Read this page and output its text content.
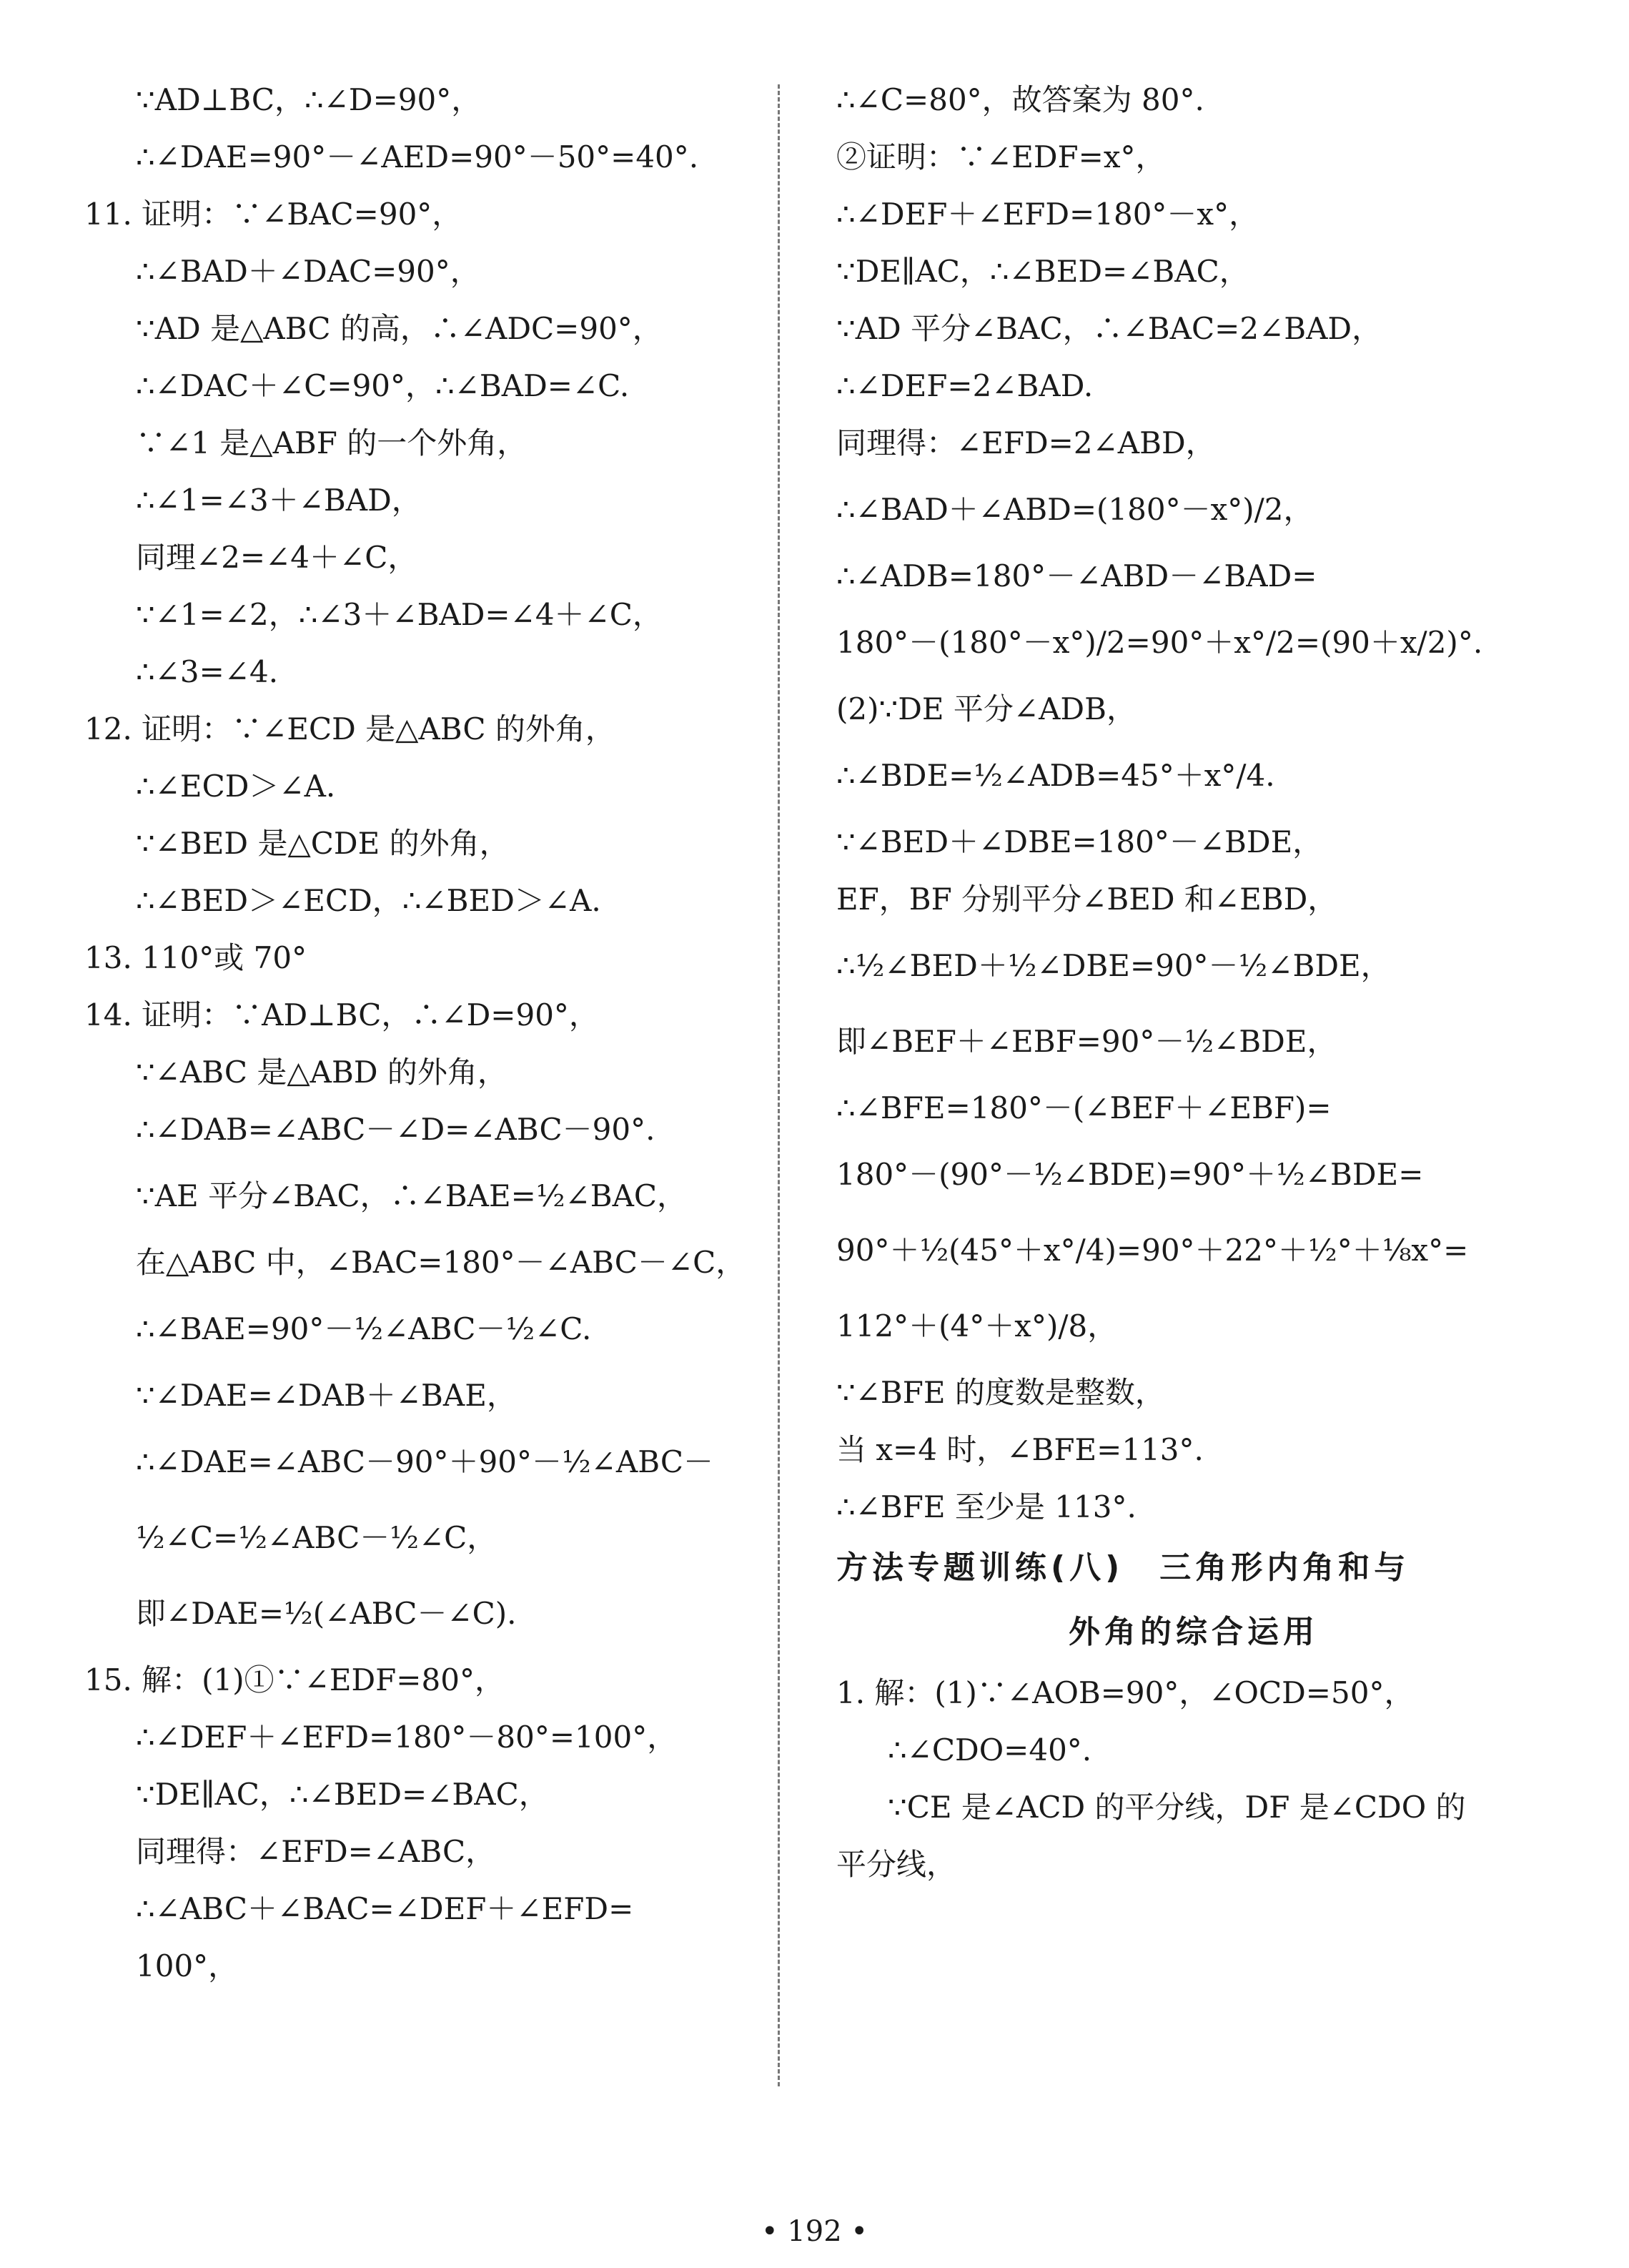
∵AD⊥BC，∴∠D=90°，
∴∠DAE=90°－∠AED=90°－50°=40°.
11. 证明：∵∠BAC=90°，
∴∠BAD＋∠DAC=90°，
∵AD 是△ABC 的高，∴∠ADC=90°，
∴∠DAC＋∠C=90°，∴∠BAD=∠C.
∵∠1 是△ABF 的一个外角，
∴∠1=∠3＋∠BAD，
同理∠2=∠4＋∠C，
∵∠1=∠2，∴∠3＋∠BAD=∠4＋∠C，
∴∠3=∠4.
12. 证明：∵∠ECD 是△ABC 的外角，
∴∠ECD＞∠A.
∵∠BED 是△CDE 的外角，
∴∠BED＞∠ECD，∴∠BED＞∠A.
13. 110°或 70°
14. 证明：∵AD⊥BC，∴∠D=90°，
∵∠ABC 是△ABD 的外角，
∴∠DAB=∠ABC－∠D=∠ABC－90°.
∵AE 平分∠BAC，∴∠BAE=½∠BAC，
在△ABC 中，∠BAC=180°－∠ABC－∠C，
∴∠BAE=90°－½∠ABC－½∠C.
∵∠DAE=∠DAB＋∠BAE，
∴∠DAE=∠ABC－90°＋90°－½∠ABC－
½∠C=½∠ABC－½∠C，
即∠DAE=½(∠ABC－∠C).
15. 解：(1)①∵∠EDF=80°，
∴∠DEF＋∠EFD=180°－80°=100°，
∵DE∥AC，∴∠BED=∠BAC，
同理得：∠EFD=∠ABC，
∴∠ABC＋∠BAC=∠DEF＋∠EFD=
100°，
∴∠C=80°，故答案为 80°.
②证明：∵∠EDF=x°，
∴∠DEF＋∠EFD=180°－x°，
∵DE∥AC，∴∠BED=∠BAC，
∵AD 平分∠BAC，∴∠BAC=2∠BAD，
∴∠DEF=2∠BAD.
同理得：∠EFD=2∠ABD，
∴∠BAD＋∠ABD=(180°－x°)/2，
∴∠ADB=180°－∠ABD－∠BAD=
180°－(180°－x°)/2=90°＋x°/2=(90＋x/2)°.
(2)∵DE 平分∠ADB，
∴∠BDE=½∠ADB=45°＋x°/4.
∵∠BED＋∠DBE=180°－∠BDE，
EF，BF 分别平分∠BED 和∠EBD，
∴½∠BED＋½∠DBE=90°－½∠BDE，
即∠BEF＋∠EBF=90°－½∠BDE，
∴∠BFE=180°－(∠BEF＋∠EBF)=
180°－(90°－½∠BDE)=90°＋½∠BDE=
90°＋½(45°＋x°/4)=90°＋22°＋½°＋⅛x°=
112°＋(4°＋x°)/8，
∵∠BFE 的度数是整数，
当 x=4 时，∠BFE=113°.
∴∠BFE 至少是 113°.
方法专题训练(八)　三角形内角和与
外角的综合运用
1. 解：(1)∵∠AOB=90°，∠OCD=50°，
∴∠CDO=40°.
∵CE 是∠ACD 的平分线，DF 是∠CDO 的
平分线，
• 192 •
